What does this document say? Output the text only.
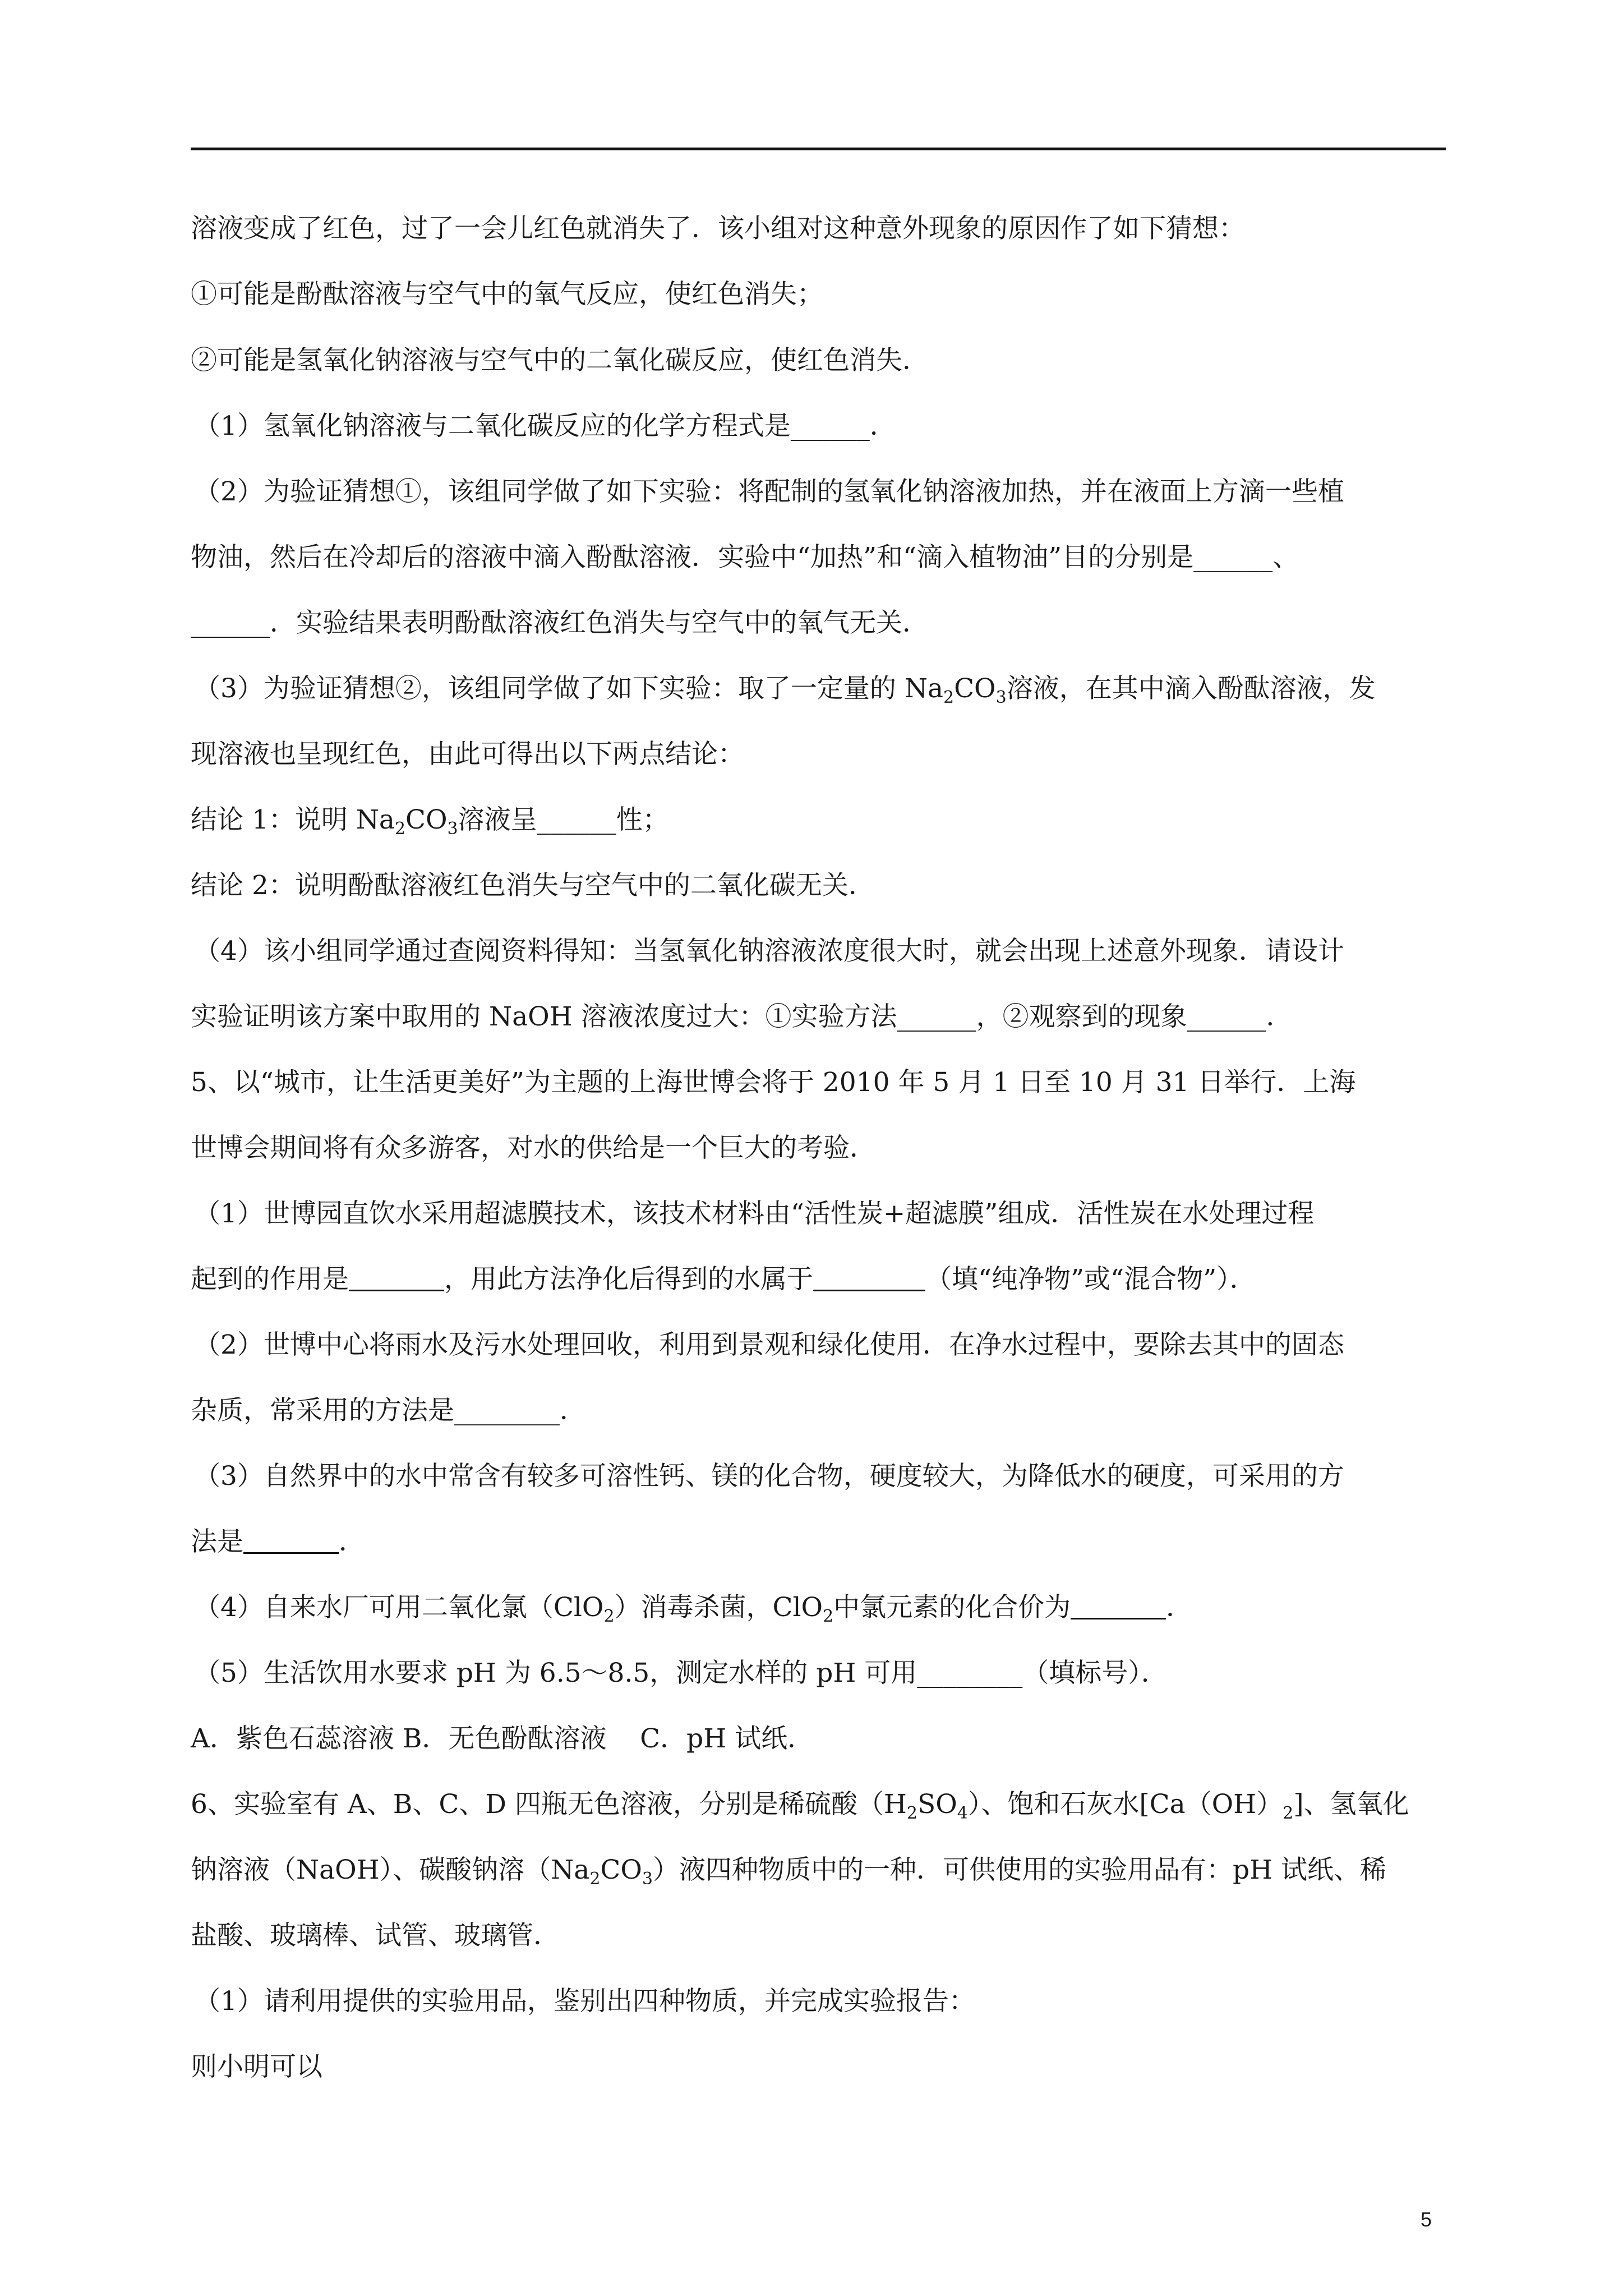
溶液变成了红色，过了一会儿红色就消失了．该小组对这种意外现象的原因作了如下猜想：
①可能是酚酞溶液与空气中的氧气反应，使红色消失；
②可能是氢氧化钠溶液与空气中的二氧化碳反应，使红色消失．
（1）氢氧化钠溶液与二氧化碳反应的化学方程式是______．
（2）为验证猜想①，该组同学做了如下实验：将配制的氢氧化钠溶液加热，并在液面上方滴一些植
物油，然后在冷却后的溶液中滴入酚酞溶液．实验中“加热”和“滴入植物油”目的分别是______、
______．实验结果表明酚酞溶液红色消失与空气中的氧气无关．
（3）为验证猜想②，该组同学做了如下实验：取了一定量的 $Na_2CO_3$溶液，在其中滴入酚酞溶液，发
现溶液也呈现红色，由此可得出以下两点结论：
结论 1：说明 $Na_2CO_3$溶液呈______性；
结论 2：说明酚酞溶液红色消失与空气中的二氧化碳无关．
（4）该小组同学通过查阅资料得知：当氢氧化钠溶液浓度很大时，就会出现上述意外现象．请设计
实验证明该方案中取用的 NaOH 溶液浓度过大：①实验方法______，②观察到的现象______．
5、以“城市，让生活更美好”为主题的上海世博会将于 2010 年 5 月 1 日至 10 月 31 日举行．上海
世博会期间将有众多游客，对水的供给是一个巨大的考验．
（1）世博园直饮水采用超滤膜技术，该技术材料由“活性炭+超滤膜”组成．活性炭在水处理过程
起到的作用是	，用此方法净化后得到的水属于	（填“纯净物”或“混合物”）．
（2）世博中心将雨水及污水处理回收，利用到景观和绿化使用．在净水过程中，要除去其中的固态
杂质，常采用的方法是________．
（3）自然界中的水中常含有较多可溶性钙、镁的化合物，硬度较大，为降低水的硬度，可采用的方
法是	．
（4）自来水厂可用二氧化氯（ClO$_2$）消毒杀菌，ClO$_2$中氯元素的化合价为	．
（5）生活饮用水要求 pH 为 6.5～8.5，测定水样的 pH 可用________（填标号）．
A．紫色石蕊溶液 B．无色酚酞溶液    C．pH 试纸．
6、实验室有 A、B、C、D 四瓶无色溶液，分别是稀硫酸$(H_2SO_4)$、饱和石灰水$[Ca(OH)_2]$、氢氧化
钠溶液（NaOH）、碳酸钠溶$(Na_2CO_3)$液四种物质中的一种．可供使用的实验用品有：pH 试纸、稀
盐酸、玻璃棒、试管、玻璃管．
（1）请利用提供的实验用品，鉴别出四种物质，并完成实验报告：
则小明可以
5
